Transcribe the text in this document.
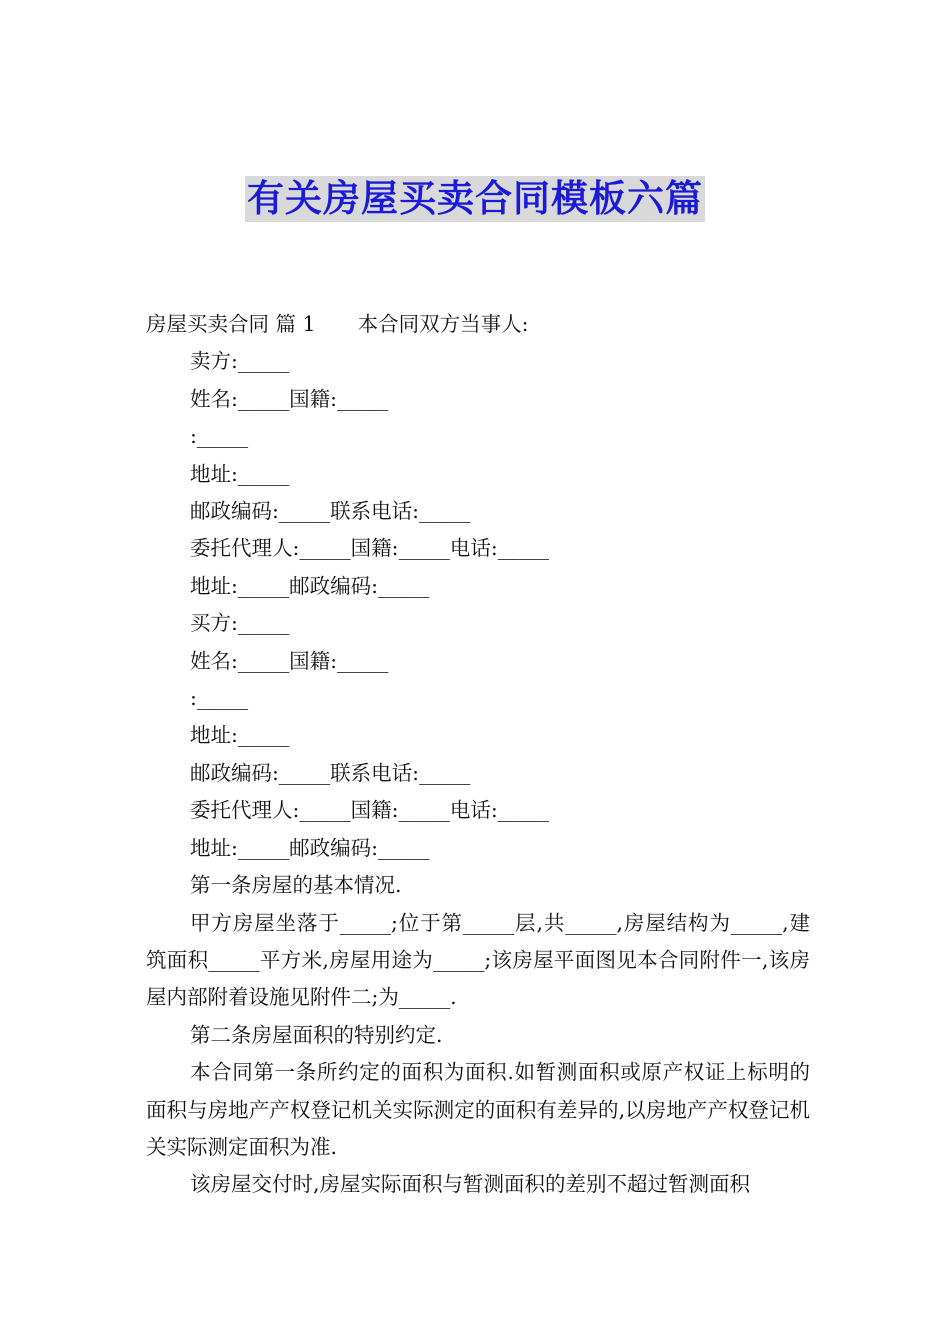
有关房屋买卖合同模板六篇
房屋买卖合同 篇 1 本合同双方当事人:
卖方:_____
姓名:_____国籍:_____
:_____
地址:_____
邮政编码:_____联系电话:_____
委托代理人:_____国籍:_____电话:_____
地址:_____邮政编码:_____
买方:_____
姓名:_____国籍:_____
:_____
地址:_____
邮政编码:_____联系电话:_____
委托代理人:_____国籍:_____电话:_____
地址:_____邮政编码:_____
第一条房屋的基本情况.
甲方房屋坐落于_____;位于第_____层,共_____,房屋结构为_____,建筑面积_____平方米,房屋用途为_____;该房屋平面图见本合同附件一,该房屋内部附着设施见附件二;为_____.
第二条房屋面积的特别约定.
本合同第一条所约定的面积为面积.如暂测面积或原产权证上标明的面积与房地产产权登记机关实际测定的面积有差异的,以房地产产权登记机关实际测定面积为准.
该房屋交付时,房屋实际面积与暂测面积的差别不超过暂测面积
